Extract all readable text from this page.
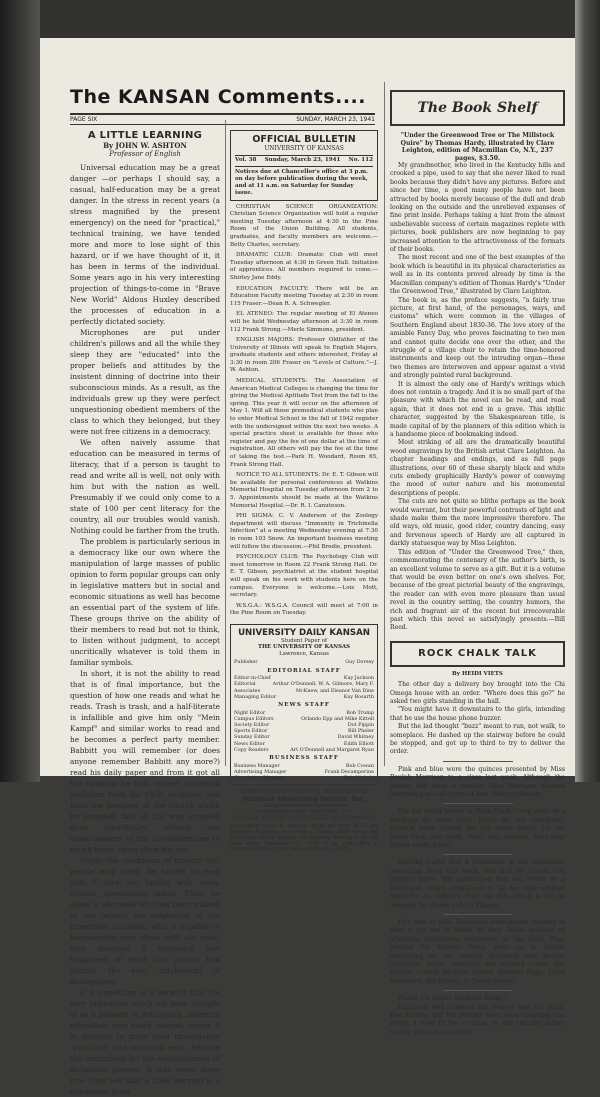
The KANSAN Comments....
PAGE SIX	SUNDAY, MARCH 23, 1941
A LITTLE LEARNING
By JOHN W. ASHTON
Professor of English

Universal education may be a great danger —or perhaps I should say, a casual, half-education may be a great danger. In the stress in recent years (a stress magnified by the present emergency) on the need for "practical," technical training, we have tended more and more to lose sight of this hazard, or if we have thought of it, it has been in terms of the individual. Some years ago in his very interesting projection of things-to-come in "Brave New World" Aldous Huxley described the processes of education in a perfectly dictated society.

Microphones are put under children's pillows and all the while they sleep they are "educated" into the proper beliefs and attitudes by the insistent dinning of doctrine into their subconscious minds. As a result, as the individuals grew up they were perfect unquestioning obedient members of the class to which they belonged, but they were not free citizens in a democracy.

We often naively assume that education can be measured in terms of literacy, that if a person is taught to read and write all is well, not only with him but with the nation as well. Presumably if we could only come to a state of 100 per cent literacy for the country, all our troubles would vanish. Nothing could be farther from the truth.

The problem is particularly serious in a democracy like our own where the manipulation of large masses of public opinion to form popular groups can only in legislative matters but in social and economic situations as well has become an essential part of the system of life. These groups thrive on the ability of their members to read but not to think, to listen without judgment, to accept uncritically whatever is told them in familiar symbols.

In short, it is not the ability to read that is of final importance, but the question of how one reads and what he reads. Trash is trash, and a half-literate is infallible and give him only "Mein Kampf" and similar works to read and he becomes a perfect party member. Babbitt you will remember (or does anyone remember Babbitt any more?) read his daily paper and from it got all the opinions he had, except incidental additions from his Ph.D. neighbor and from the preacher at the church which he attended. And all this was accepted quite uncritically, without any consciousness of the inconsistencies to which these views often led him.

Under the conditions of modern life, people may safely be taught to read only if they are taught with open, critical, questioning minds. Thus, he alone is educated who has been trained to see beyond the exigencies of the immediate occasion, who is capable of harmonizing new ideas with old ones, who develops a resiliency and toughness of mind that guards him against the easy catchwords of demagogery.

It is something of a paradox that the very institution which we have thought of as a bulwark of democracy, universal education, may easily instead, unless it is directed to more than immediately "practical" and technical ends, become the instrument for the establishment of dictatorial powers. It was never more true than now that a little learning is a dangerous thing.

OFFICIAL BULLETIN
UNIVERSITY OF KANSAS
Vol. 38 Sunday, March 23, 1941 No. 112
Notices due at Chancellor's office at 3 p.m. on day before publication during the week, and at 11 a.m. on Saturday for Sunday issue.

CHRISTIAN SCIENCE ORGANIZATION: Christian Science Organization will hold a regular meeting Tuesday afternoon at 4:30 in the Pine Room of the Union Building. All students, graduates, and faculty members are welcome.—Betty Charles, secretary.

DRAMATIC CLUB: Dramatic Club will meet Tuesday afternoon at 4:30 in Green Hall. Initiation of apprentices. All members required to come.—Shirley Jane Eddy.

EDUCATION FACULTY: There will be an Education Faculty meeting Tuesday at 2:30 in room 115 Fraser.—Dean R. A. Schwegler.

EL ATENEO: The regular meeting of El Ateneo will be held Wednesday afternoon at 3:30 in room 112 Frank Strong.—Merle Simmons, president.

ENGLISH MAJORS: Professor Oldfather of the University of Illinois will speak to English Majors, graduate students and others interested, Friday at 3:30 in room 206 Fraser on "Levels of Culture."—J. W. Ashton.

MEDICAL STUDENTS: The Association of American Medical Colleges is changing the time for giving the Medical Aptitude Test from the fall to the spring. This year it will occur on the afternoon of May 1. Will all those premedical students who plan to enter Medical School in the fall of 1942 register with the undersigned within the next two weeks. A special practice sheet is available for those who register and pay the fee of one dollar at the time of registration. All others will pay the fee at the time of taking the test.—Park H. Woodard, Room 65, Frank Strong Hall.

NOTICE TO ALL STUDENTS: Dr. E. T. Gibson will be available for personal conferences at Watkins Memorial Hospital on Tuesday afternoon from 2 to 5. Appointments should be made at the Watkins Memorial Hospital.—Dr. R. I. Canuteson.

PHI SIGMA: C. V. Anderson of the Zoology department will discuss "Immunity in Trichinella Infection" at a meeting Wednesday evening at 7:30 in room 103 Snow. An important business meeting will follow the discussion.—Phil Brodie, president.

PSYCHOLOGY CLUB: The Psychology Club will meet tomorrow in Room 22 Frank Strong Hall. Dr. E. T. Gibson, psychiatrist at the student hospital will speak on his work with students here on the campus. Everyone is welcome.—Lois Mott, secretary.

W.S.G.A.: W.S.G.A. Council will meet at 7:00 in the Pine Room on Tuesday.

UNIVERSITY DAILY KANSAN
Student Paper of
THE UNIVERSITY OF KANSAS
Lawrence, Kansas
Publisher	Guy Dorsey
EDITORIAL STAFF
Editor-in-Chief	Kay Jackson
Editorial Associates
Arthur O'Donnell, W. A. Gilmore, Mary F. McKnew, and Eleanor Van Dine
Managing Editor	Kay Bosarth
NEWS STAFF
Night Editor	Bob Trump
Campus Editors	Orlando Epp and Mike Kittell
Society Editor	Dot Pippin
Sports Editor	Bill Pheler
Sunday Editor	David Whitney
News Editor	Edith Elliott
Copy Readers	Art O'Donnell and Margaret Ryan
BUSINESS STAFF
Business Manager	Bob Cowan
Advertising Manager	Frank Decamperine
Circulation Manager	Bob Nichols
REPRESENTED FOR NATIONAL ADVERTISING BY
National Advertising Service, Inc.
College Publishers Representative
420 MADISON AVE. NEW YORK, N.Y.
CHICAGO · BOSTON · LOS ANGELES · SAN FRANCISCO
Subscription rates, in advance, $3.50 per year, $1.75 per semester. Published at Lawrence, Kansas, daily during the school year except Monday and Saturday. Entered as second class matter September 17, 1910, at the post office at Lawrence, Kansas, under the act of March 3, 1879.
The Book Shelf

"Under the Greenwood Tree or The Millstock Quire" by Thomas Hardy, illustrated by Clare Leighton, edition of Macmillan Co, N.Y., 237 pages, $3.50.

My grandmother, who lived in the Kentucky hills and crooked a pipe, used to say that she never liked to read books because they didn't have any pictures. Before and since her time, a good many people have not been attracted by books merely because of the dull and drab looking on the outside and the unrelieved expanses of fine print inside. Perhaps taking a hint from the almost unbelievable success of certain magazines replete with pictures, book publishers are now beginning to pay increased attention to the attractiveness of the formats of their books.

The most recent and one of the best examples of the book which is beautiful in its physical characteristics as well as in its contents proved already by time is the Macmillan company's edition of Thomas Hardy's "Under the Greenwood Tree," illustrated by Clare Leighton.

The book is, as the preface suggests, "a fairly true picture, at first hand, of the personages, ways, and customs" which were common in the villages of Southern England about 1830-36. The love story of the amiable Fancy Day, who proves fascinating to two men and cannot quite decide one over the other, and the struggle of a village choir to retain the time-honored instruments and keep out the intruding organ—these two themes are interwoven and appear against a vivid and strongly painted rural background.

It is almost the only one of Hardy's writings which does not contain a tragedy. And it is no small part of the pleasure with which the novel can be read, and read again, that it does not end in a grave. This idyllic character, suggested by the Shakespearean title, is made capital of by the planners of this edition which is a handsome piece of bookmaking indeed.

Most striking of all are the dramatically beautiful wood engravings by the British artist Clare Leighton. As chapter headings and endings, and as full page illustrations, over 60 of these sharply black and white cuts embody graphically Hardy's power of conveying the mood of outer nature and his monumental descriptions of people.

The cuts are not quite so blithe perhaps as the book would warrant, but their powerful contrasts of light and shade make them the more impressive therefore. The old ways, old music, good cider, country dancing, easy and fervenous speech of Hardy are all captured in darkly statuesque way by Miss Leighton.

This edition of "Under the Greenwood Tree," then, commemorating the centenary of the author's birth, is an excellent volume to serve as a gift. But it is a volume that would be even better on one's own shelves. For, because of the great pictorial beauty of the engravings, the reader can with even more pleasure than usual revel in the country setting, the country humors, the rich and fragrant air of the recent but irrecoverable past which this novel so satisfyingly presents.—Bill Reed.

ROCK CHALK TALK

By HEIDI VIETS

The other day a delivery boy brought into the Chi Omega house with an order. "Where does this go?" he asked two girls standing in the hall.

"You might have it downstairs to the girls, intending that he use the house phone buzzer.

But the lad thought "buzz" meant to run, not walk, to someplace. He dashed up the stairway before he could be stopped, and got up to third to try to deliver the order.

Pink and blue were the quinces presented by Miss Beulah Morrison to a class last week. Although the printer had made a mistake, Miss Morrison decided everything was all right—it was child psychology.

The hot water heater at Rock Chalk Co-op went on a rampage the other night. Ready for any emergency, Everton Doon opened the hot water faucet, let the steam blow, and cried, "Woo, woo, wooooo, have your tickets ready, folks!"

Dorothy Curtis was a contestant in the intramural swimming meet this week, and had to choose two optional dives. She announced that she would do a barrel-roll, which turned out to be her own original name for an ordinary front flip roll—which is not so ordinary for prairie girls in Kansas.

Five men at 1041 Tennessee were moved recently to take a nip out of bottle at their house because of attractive ingredients mentioned on the label. They praised the delicate flavor, went on to sample everything on the dresser, including skin bracer, aftershave lotion, shampoo, and shaving cream. For results, consult Richard Snyder, Richard Epps, Lloyd Woodburn, Bill Penney, or Jimmy Dooper.

Flood! (Or maybe we mean flushy.)

Equipped with brushes and orange and red paint, Ken Nicolay and Bill Perkins were seen anointing one model A Ford fit for a circus. It was the day before spring, which may explain.
